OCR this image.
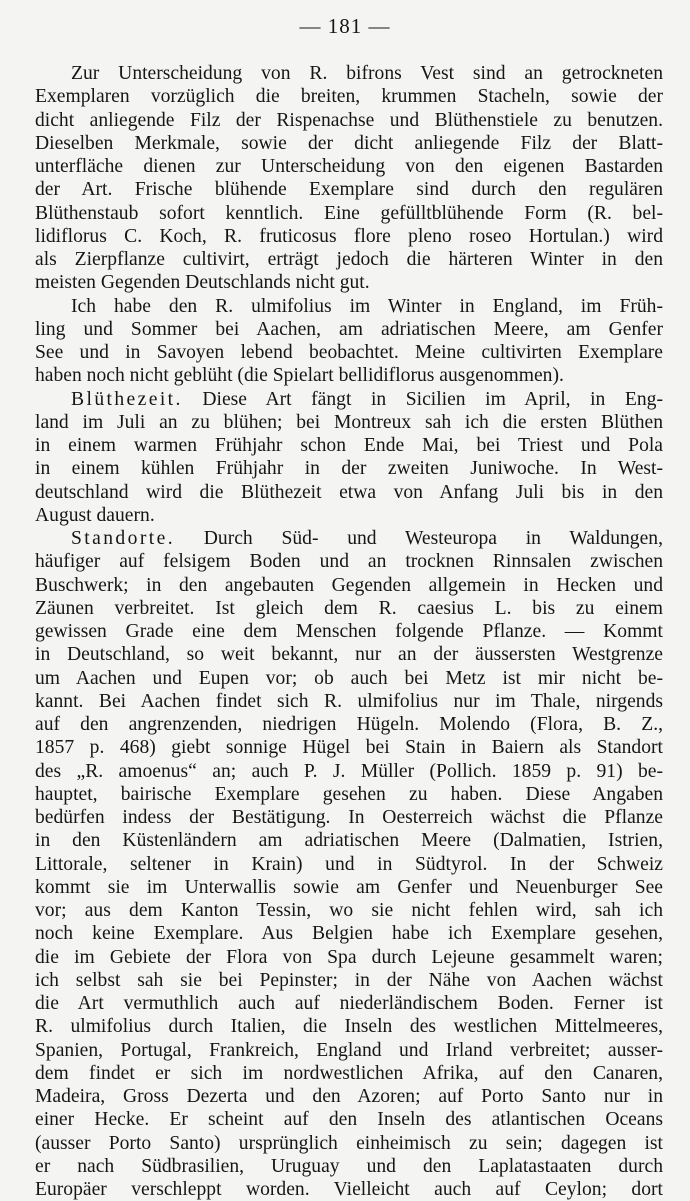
— 181 —
Zur Unterscheidung von R. bifrons Vest sind an getrockneten
Exemplaren vorzüglich die breiten, krummen Stacheln, sowie der
dicht anliegende Filz der Rispenachse und Blüthenstiele zu benutzen.
Dieselben Merkmale, sowie der dicht anliegende Filz der Blatt-
unterfläche dienen zur Unterscheidung von den eigenen Bastarden
der Art. Frische blühende Exemplare sind durch den regulären
Blüthenstaub sofort kenntlich. Eine gefülltblühende Form (R. bel-
lidiflorus C. Koch, R. fruticosus flore pleno roseo Hortulan.) wird
als Zierpflanze cultivirt, erträgt jedoch die härteren Winter in den
meisten Gegenden Deutschlands nicht gut.
Ich habe den R. ulmifolius im Winter in England, im Früh-
ling und Sommer bei Aachen, am adriatischen Meere, am Genfer
See und in Savoyen lebend beobachtet. Meine cultivirten Exemplare
haben noch nicht geblüht (die Spielart bellidiflorus ausgenommen).
Blüthezeit. Diese Art fängt in Sicilien im April, in Eng-
land im Juli an zu blühen; bei Montreux sah ich die ersten Blüthen
in einem warmen Frühjahr schon Ende Mai, bei Triest und Pola
in einem kühlen Frühjahr in der zweiten Juniwoche. In West-
deutschland wird die Blüthezeit etwa von Anfang Juli bis in den
August dauern.
Standorte. Durch Süd- und Westeuropa in Waldungen,
häufiger auf felsigem Boden und an trocknen Rinnsalen zwischen
Buschwerk; in den angebauten Gegenden allgemein in Hecken und
Zäunen verbreitet. Ist gleich dem R. caesius L. bis zu einem
gewissen Grade eine dem Menschen folgende Pflanze. — Kommt
in Deutschland, so weit bekannt, nur an der äussersten Westgrenze
um Aachen und Eupen vor; ob auch bei Metz ist mir nicht be-
kannt. Bei Aachen findet sich R. ulmifolius nur im Thale, nirgends
auf den angrenzenden, niedrigen Hügeln. Molendo (Flora, B. Z.,
1857 p. 468) giebt sonnige Hügel bei Stain in Baiern als Standort
des „R. amoenus“ an; auch P. J. Müller (Pollich. 1859 p. 91) be-
hauptet, bairische Exemplare gesehen zu haben. Diese Angaben
bedürfen indess der Bestätigung. In Oesterreich wächst die Pflanze
in den Küstenländern am adriatischen Meere (Dalmatien, Istrien,
Littorale, seltener in Krain) und in Südtyrol. In der Schweiz
kommt sie im Unterwallis sowie am Genfer und Neuenburger See
vor; aus dem Kanton Tessin, wo sie nicht fehlen wird, sah ich
noch keine Exemplare. Aus Belgien habe ich Exemplare gesehen,
die im Gebiete der Flora von Spa durch Lejeune gesammelt waren;
ich selbst sah sie bei Pepinster; in der Nähe von Aachen wächst
die Art vermuthlich auch auf niederländischem Boden. Ferner ist
R. ulmifolius durch Italien, die Inseln des westlichen Mittelmeeres,
Spanien, Portugal, Frankreich, England und Irland verbreitet; ausser-
dem findet er sich im nordwestlichen Afrika, auf den Canaren,
Madeira, Gross Dezerta und den Azoren; auf Porto Santo nur in
einer Hecke. Er scheint auf den Inseln des atlantischen Oceans
(ausser Porto Santo) ursprünglich einheimisch zu sein; dagegen ist
er nach Südbrasilien, Uruguay und den Laplatastaaten durch
Europäer verschleppt worden. Vielleicht auch auf Ceylon; dort
